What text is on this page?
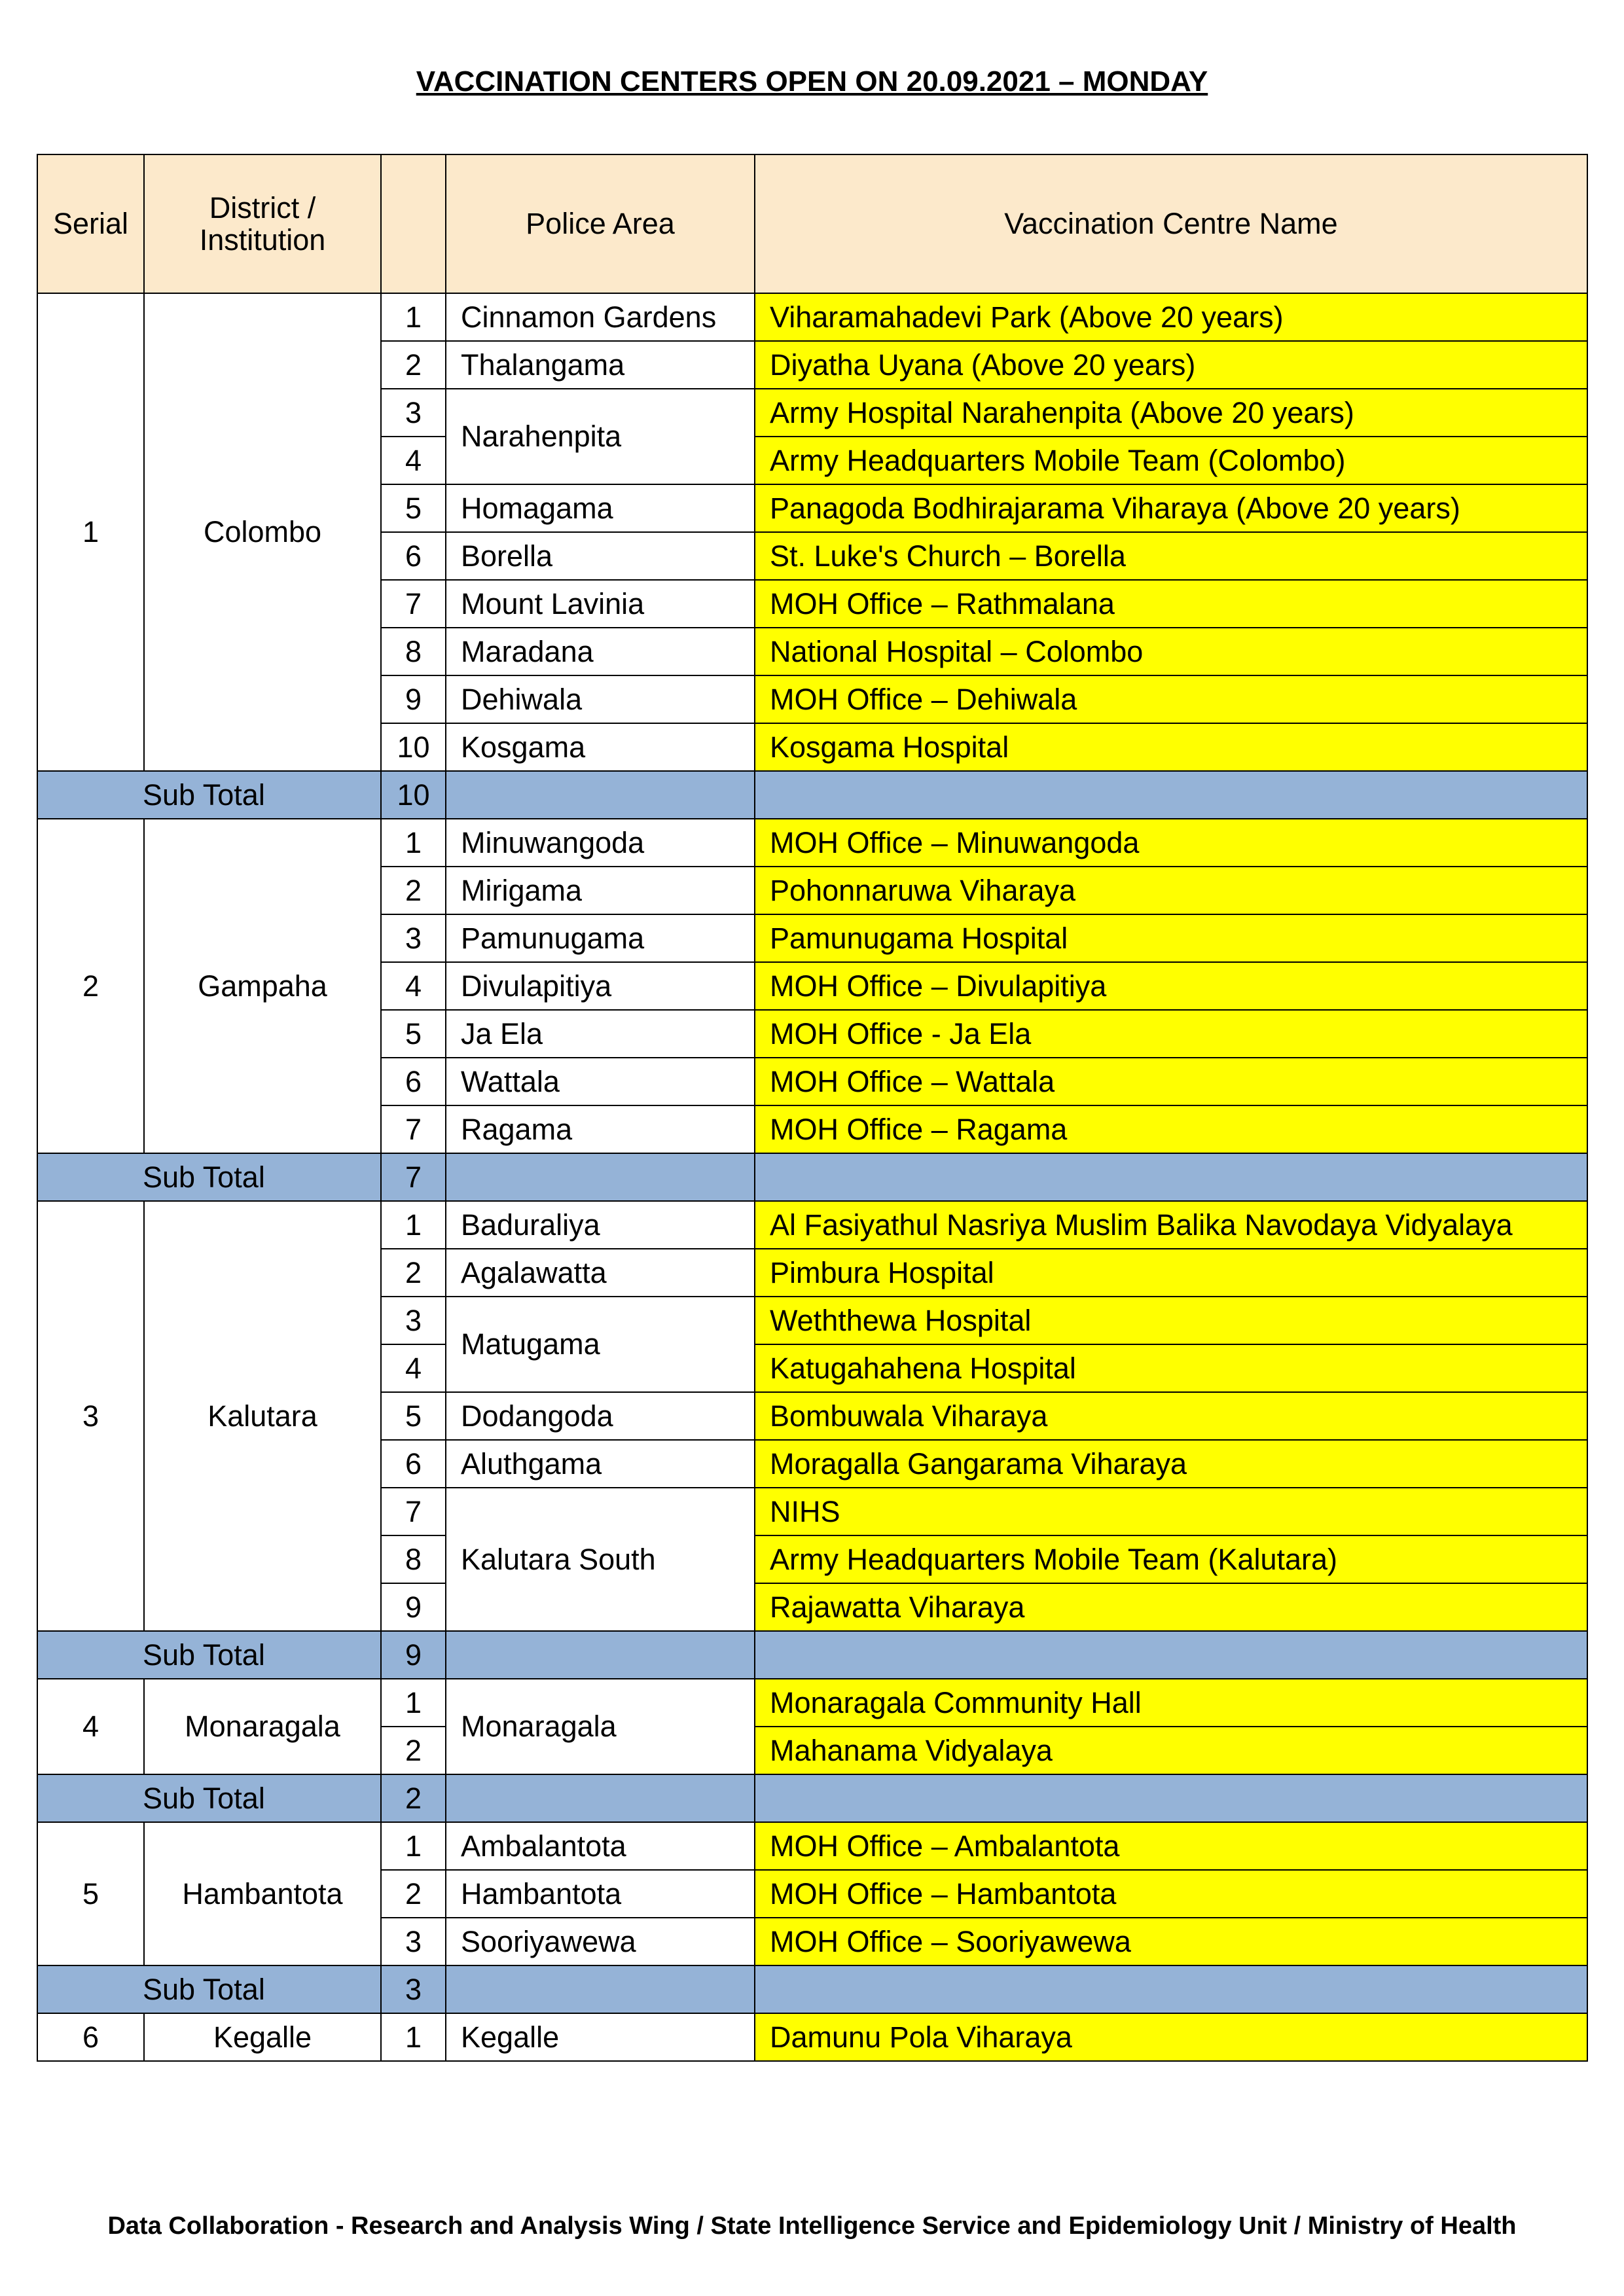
VACCINATION CENTERS OPEN ON 20.09.2021 – MONDAY
Serial	District / Institution		Police Area	Vaccination Centre Name
1	Colombo	1	Cinnamon Gardens	Viharamahadevi Park (Above 20 years)
		2	Thalangama	Diyatha Uyana (Above 20 years)
		3	Narahenpita	Army Hospital Narahenpita (Above 20 years)
		4		Army Headquarters Mobile Team (Colombo)
		5	Homagama	Panagoda Bodhirajarama Viharaya (Above 20 years)
		6	Borella	St. Luke's Church – Borella
		7	Mount Lavinia	MOH Office – Rathmalana
		8	Maradana	National Hospital – Colombo
		9	Dehiwala	MOH Office – Dehiwala
		10	Kosgama	Kosgama Hospital
Sub Total		10		
2	Gampaha	1	Minuwangoda	MOH Office – Minuwangoda
		2	Mirigama	Pohonnaruwa Viharaya
		3	Pamunugama	Pamunugama Hospital
		4	Divulapitiya	MOH Office – Divulapitiya
		5	Ja Ela	MOH Office - Ja Ela
		6	Wattala	MOH Office – Wattala
		7	Ragama	MOH Office – Ragama
Sub Total		7		
3	Kalutara	1	Baduraliya	Al Fasiyathul Nasriya Muslim Balika Navodaya Vidyalaya
		2	Agalawatta	Pimbura Hospital
		3	Matugama	Weththewa Hospital
		4		Katugahahena Hospital
		5	Dodangoda	Bombuwala Viharaya
		6	Aluthgama	Moragalla Gangarama Viharaya
		7	Kalutara South	NIHS
		8		Army Headquarters Mobile Team (Kalutara)
		9		Rajawatta Viharaya
Sub Total		9		
4	Monaragala	1	Monaragala	Monaragala Community Hall
		2		Mahanama Vidyalaya
Sub Total		2		
5	Hambantota	1	Ambalantota	MOH Office – Ambalantota
		2	Hambantota	MOH Office – Hambantota
		3	Sooriyawewa	MOH Office – Sooriyawewa
Sub Total		3		
6	Kegalle	1	Kegalle	Damunu Pola Viharaya
Data Collaboration - Research and Analysis Wing / State Intelligence Service and Epidemiology Unit / Ministry of Health
